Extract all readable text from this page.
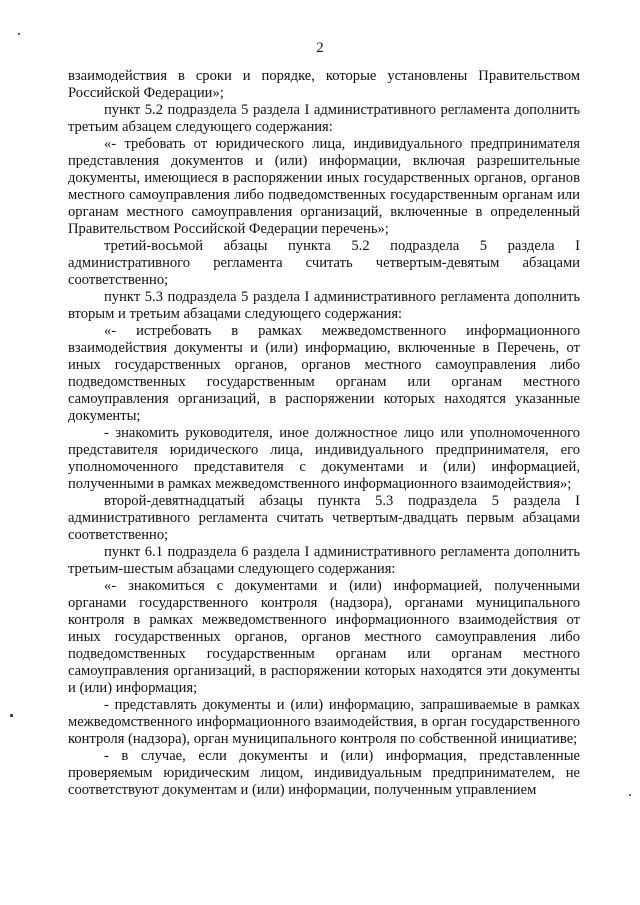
2

взаимодействия в сроки и порядке, которые установлены Правительством Российской Федерации»;

пункт 5.2 подраздела 5 раздела I административного регламента дополнить третьим абзацем следующего содержания:

«- требовать от юридического лица, индивидуального предпринимателя представления документов и (или) информации, включая разрешительные документы, имеющиеся в распоряжении иных государственных органов, органов местного самоуправления либо подведомственных государственным органам или органам местного самоуправления организаций, включенные в определенный Правительством Российской Федерации перечень»;

третий-восьмой абзацы пункта 5.2 подраздела 5 раздела I административного регламента считать четвертым-девятым абзацами соответственно;

пункт 5.3 подраздела 5 раздела I административного регламента дополнить вторым и третьим абзацами следующего содержания:

«- истребовать в рамках межведомственного информационного взаимодействия документы и (или) информацию, включенные в Перечень, от иных государственных органов, органов местного самоуправления либо подведомственных государственным органам или органам местного самоуправления организаций, в распоряжении которых находятся указанные документы;

- знакомить руководителя, иное должностное лицо или уполномоченного представителя юридического лица, индивидуального предпринимателя, его уполномоченного представителя с документами и (или) информацией, полученными в рамках межведомственного информационного взаимодействия»;

второй-девятнадцатый абзацы пункта 5.3 подраздела 5 раздела I административного регламента считать четвертым-двадцать первым абзацами соответственно;

пункт 6.1 подраздела 6 раздела I административного регламента дополнить третьим-шестым абзацами следующего содержания:

«- знакомиться с документами и (или) информацией, полученными органами государственного контроля (надзора), органами муниципального контроля в рамках межведомственного информационного взаимодействия от иных государственных органов, органов местного самоуправления либо подведомственных государственным органам или органам местного самоуправления организаций, в распоряжении которых находятся эти документы и (или) информация;

- представлять документы и (или) информацию, запрашиваемые в рамках межведомственного информационного взаимодействия, в орган государственного контроля (надзора), орган муниципального контроля по собственной инициативе;

- в случае, если документы и (или) информация, представленные проверяемым юридическим лицом, индивидуальным предпринимателем, не соответствуют документам и (или) информации, полученным управлением
